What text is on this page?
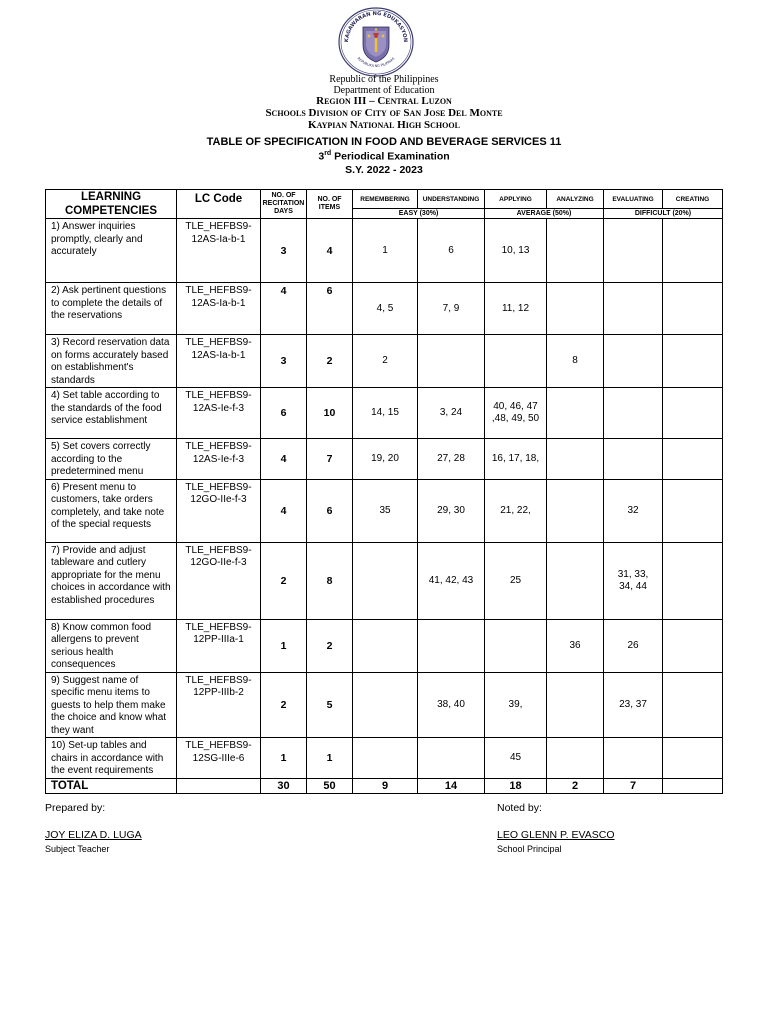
KAGAWARAN NG EDUKASYON
REPUBLIKA NG PILIPINAS
Republic of the Philippines
Department of Education
Region III – Central Luzon
Schools Division of City of San Jose Del Monte
Kaypian National High School
TABLE OF SPECIFICATION IN FOOD AND BEVERAGE SERVICES 11
3rd Periodical Examination
S.Y. 2022 - 2023
LEARNING COMPETENCIES	LC Code	NO. OF RECITATION DAYS	NO. OF ITEMS	REMEMBERING	UNDERSTANDING	APPLYING	ANALYZING	EVALUATING	CREATING
				EASY (30%)		AVERAGE (50%)		DIFFICULT (20%)	
1) Answer inquiries promptly, clearly and accurately	TLE_HEFBS9-12AS-Ia-b-1	3	4	1	6	10, 13			
2) Ask pertinent questions to complete the details of the reservations	TLE_HEFBS9-12AS-Ia-b-1	4	6	4, 5	7, 9	11, 12			
3) Record reservation data on forms accurately based on establishment's standards	TLE_HEFBS9-12AS-Ia-b-1	3	2	2			8		
4) Set table according to the standards of the food service establishment	TLE_HEFBS9-12AS-Ie-f-3	6	10	14, 15	3, 24	40, 46, 47 ,48, 49, 50			
5) Set covers correctly according to the predetermined menu	TLE_HEFBS9-12AS-Ie-f-3	4	7	19, 20	27, 28	16, 17, 18,			
6) Present menu to customers, take orders completely, and take note of the special requests	TLE_HEFBS9-12GO-IIe-f-3	4	6	35	29, 30	21, 22,		32	
7) Provide and adjust tableware and cutlery appropriate for the menu choices in accordance with established procedures	TLE_HEFBS9-12GO-IIe-f-3	2	8		41, 42, 43	25		31, 33, 34, 44	
8) Know common food allergens to prevent serious health consequences	TLE_HEFBS9-12PP-IIIa-1	1	2				36	26	
9) Suggest name of specific menu items to guests to help them make the choice and know what they want	TLE_HEFBS9-12PP-IIIb-2	2	5		38, 40	39,		23, 37	
10) Set-up tables and chairs in accordance with the event requirements	TLE_HEFBS9-12SG-IIIe-6	1	1			45			
TOTAL		30	50	9	14	18	2	7	
Prepared by:
JOY ELIZA D. LUGA
Subject Teacher
Noted by:
LEO GLENN P. EVASCO
School Principal
